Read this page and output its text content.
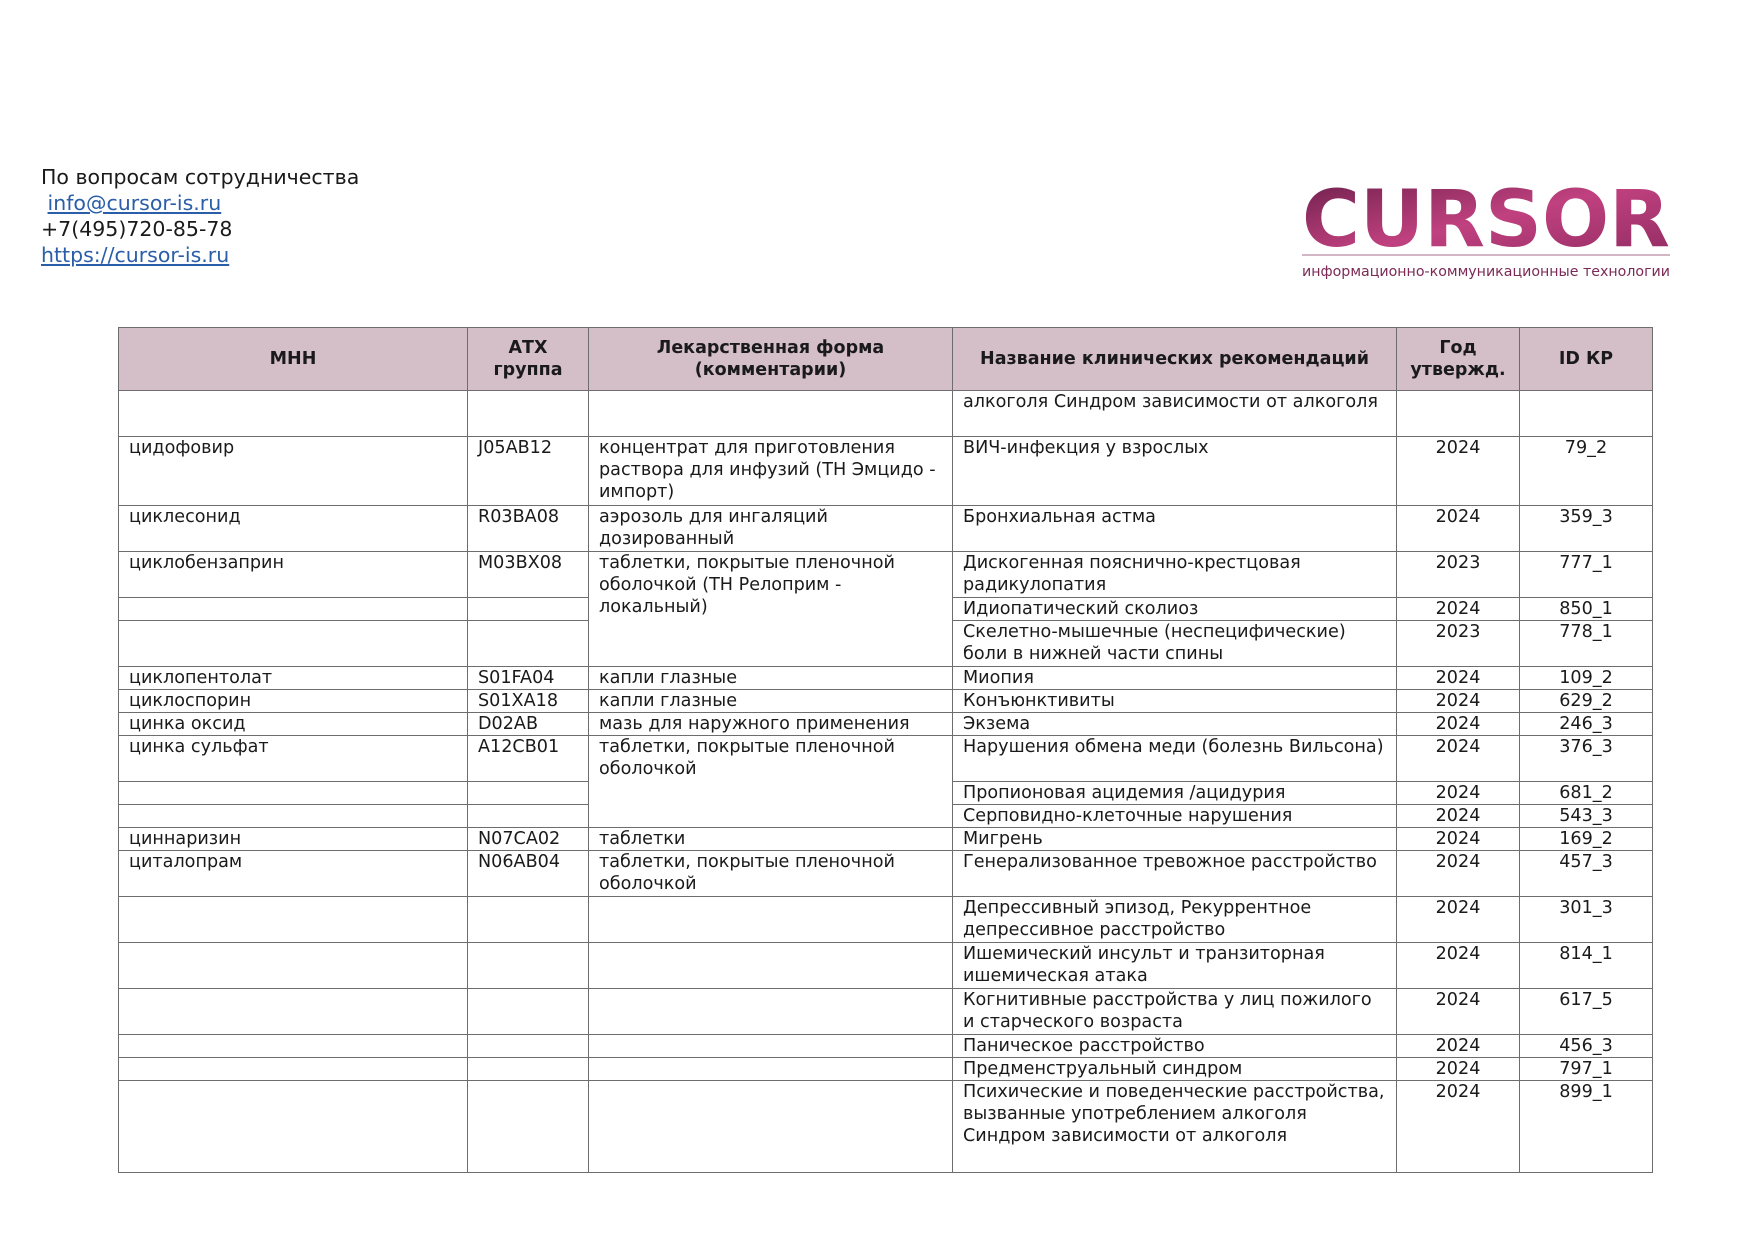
По вопросам сотрудничества
info@cursor-is.ru
+7(495)720-85-78
https://cursor-is.ru	CURSOR
информационно-коммуникационные технологии
МНН	АТХ группа	Лекарственная форма (комментарии)	Название клинических рекомендаций	Год утвержд.	ID КР
			алкоголя Синдром зависимости от алкоголя		
цидофовир	J05AB12	концентрат для приготовления раствора для инфузий (ТН Эмцидо - импорт)	ВИЧ-инфекция у взрослых	2024	79_2
циклесонид	R03BA08	аэрозоль для ингаляций дозированный	Бронхиальная астма	2024	359_3
циклобензаприн	M03BX08	таблетки, покрытые пленочной оболочкой (ТН Релоприм - локальный)	Дискогенная пояснично-крестцовая радикулопатия	2023	777_1
			Идиопатический сколиоз	2024	850_1
			Скелетно-мышечные (неспецифические) боли в нижней части спины	2023	778_1
циклопентолат	S01FA04	капли глазные	Миопия	2024	109_2
циклоспорин	S01XA18	капли глазные	Конъюнктивиты	2024	629_2
цинка оксид	D02AB	мазь для наружного применения	Экзема	2024	246_3
цинка сульфат	A12CB01	таблетки, покрытые пленочной оболочкой	Нарушения обмена меди (болезнь Вильсона)	2024	376_3
			Пропионовая ацидемия /ацидурия	2024	681_2
			Серповидно-клеточные нарушения	2024	543_3
циннаризин	N07CA02	таблетки	Мигрень	2024	169_2
циталопрам	N06AB04	таблетки, покрытые пленочной оболочкой	Генерализованное тревожное расстройство	2024	457_3
			Депрессивный эпизод, Рекуррентное депрессивное расстройство	2024	301_3
			Ишемический инсульт и транзиторная ишемическая атака	2024	814_1
			Когнитивные расстройства у лиц пожилого и старческого возраста	2024	617_5
			Паническое расстройство	2024	456_3
			Предменструальный синдром	2024	797_1
			Психические и поведенческие расстройства, вызванные употреблением алкоголя Синдром зависимости от алкоголя	2024	899_1
